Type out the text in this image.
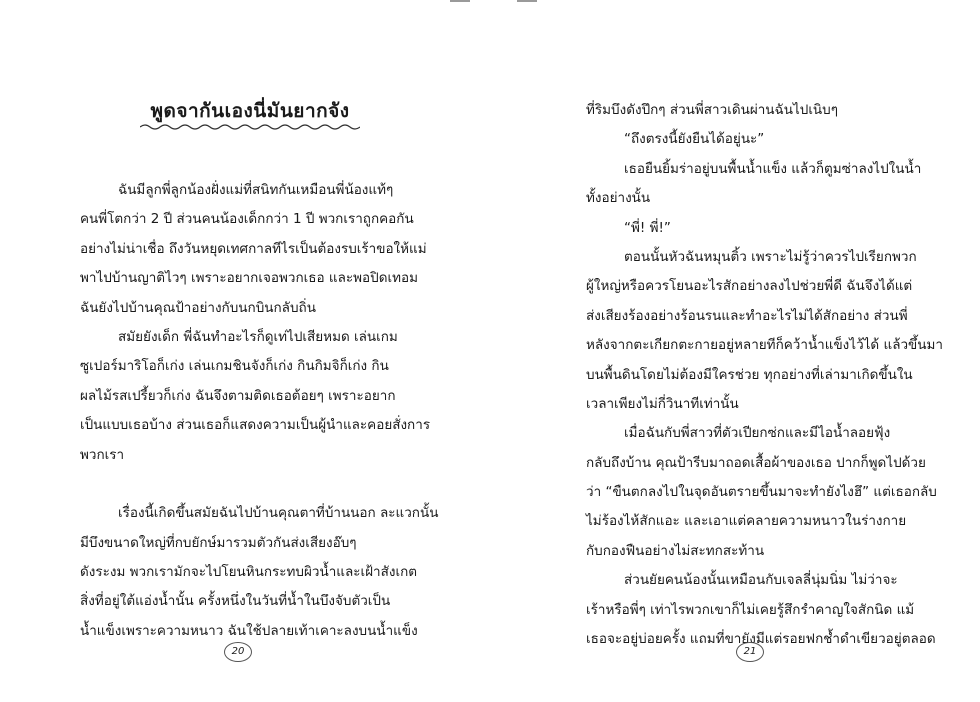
พูดจากันเองนี่มันยากจัง
ฉันมีลูกพี่ลูกน้องฝั่งแม่ที่สนิทกันเหมือนพี่น้องแท้ๆ
คนพี่โตกว่า 2 ปี ส่วนคนน้องเด็กกว่า 1 ปี พวกเราถูกคอกัน
อย่างไม่น่าเชื่อ ถึงวันหยุดเทศกาลทีไรเป็นต้องรบเร้าขอให้แม่
พาไปบ้านญาติไวๆ เพราะอยากเจอพวกเธอ และพอปิดเทอม
ฉันยังไปบ้านคุณป้าอย่างกับนกบินกลับถิ่น
สมัยยังเด็ก พี่ฉันทำอะไรก็ดูเท่ไปเสียหมด เล่นเกม
ซูเปอร์มาริโอก็เก่ง เล่นเกมชินจังก็เก่ง กินกิมจิก็เก่ง กิน
ผลไม้รสเปรี้ยวก็เก่ง ฉันจึงตามติดเธอต้อยๆ เพราะอยาก
เป็นแบบเธอบ้าง ส่วนเธอก็แสดงความเป็นผู้นำและคอยสั่งการ
พวกเรา
เรื่องนี้เกิดขึ้นสมัยฉันไปบ้านคุณตาที่บ้านนอก ละแวกนั้น
มีบึงขนาดใหญ่ที่กบยักษ์มารวมตัวกันส่งเสียงอ๊บๆ
ดังระงม พวกเรามักจะไปโยนหินกระทบผิวน้ำและเฝ้าสังเกต
สิ่งที่อยู่ใต้แอ่งน้ำนั้น ครั้งหนึ่งในวันที่น้ำในบึงจับตัวเป็น
น้ำแข็งเพราะความหนาว ฉันใช้ปลายเท้าเคาะลงบนน้ำแข็ง
20
ที่ริมบึงดังปึกๆ ส่วนพี่สาวเดินผ่านฉันไปเนิบๆ
“ถึงตรงนี้ยังยืนได้อยู่นะ”
เธอยืนยิ้มร่าอยู่บนพื้นน้ำแข็ง แล้วก็ตูมซ่าลงไปในน้ำ
ทั้งอย่างนั้น
“พี่! พี่!”
ตอนนั้นหัวฉันหมุนติ้ว เพราะไม่รู้ว่าควรไปเรียกพวก
ผู้ใหญ่หรือควรโยนอะไรสักอย่างลงไปช่วยพี่ดี ฉันจึงได้แต่
ส่งเสียงร้องอย่างร้อนรนและทำอะไรไม่ได้สักอย่าง ส่วนพี่
หลังจากตะเกียกตะกายอยู่หลายทีก็คว้าน้ำแข็งไว้ได้ แล้วขึ้นมา
บนพื้นดินโดยไม่ต้องมีใครช่วย ทุกอย่างที่เล่ามาเกิดขึ้นใน
เวลาเพียงไม่กี่วินาทีเท่านั้น
เมื่อฉันกับพี่สาวที่ตัวเปียกซ่กและมีไอน้ำลอยฟุ้ง
กลับถึงบ้าน คุณป้ารีบมาถอดเสื้อผ้าของเธอ ปากก็พูดไปด้วย
ว่า “ขืนตกลงไปในจุดอันตรายขึ้นมาจะทำยังไงฮึ” แต่เธอกลับ
ไม่ร้องไห้สักแอะ และเอาแต่คลายความหนาวในร่างกาย
กับกองฟืนอย่างไม่สะทกสะท้าน
ส่วนยัยคนน้องนั้นเหมือนกับเจลลี่นุ่มนิ่ม ไม่ว่าจะ
เร้าหรือพี่ๆ เท่าไรพวกเขาก็ไม่เคยรู้สึกรำคาญใจสักนิด แม้
เธอจะอยู่บ่อยครั้ง แถมที่ขายังมีแต่รอยฟกช้ำดำเขียวอยู่ตลอด
21
